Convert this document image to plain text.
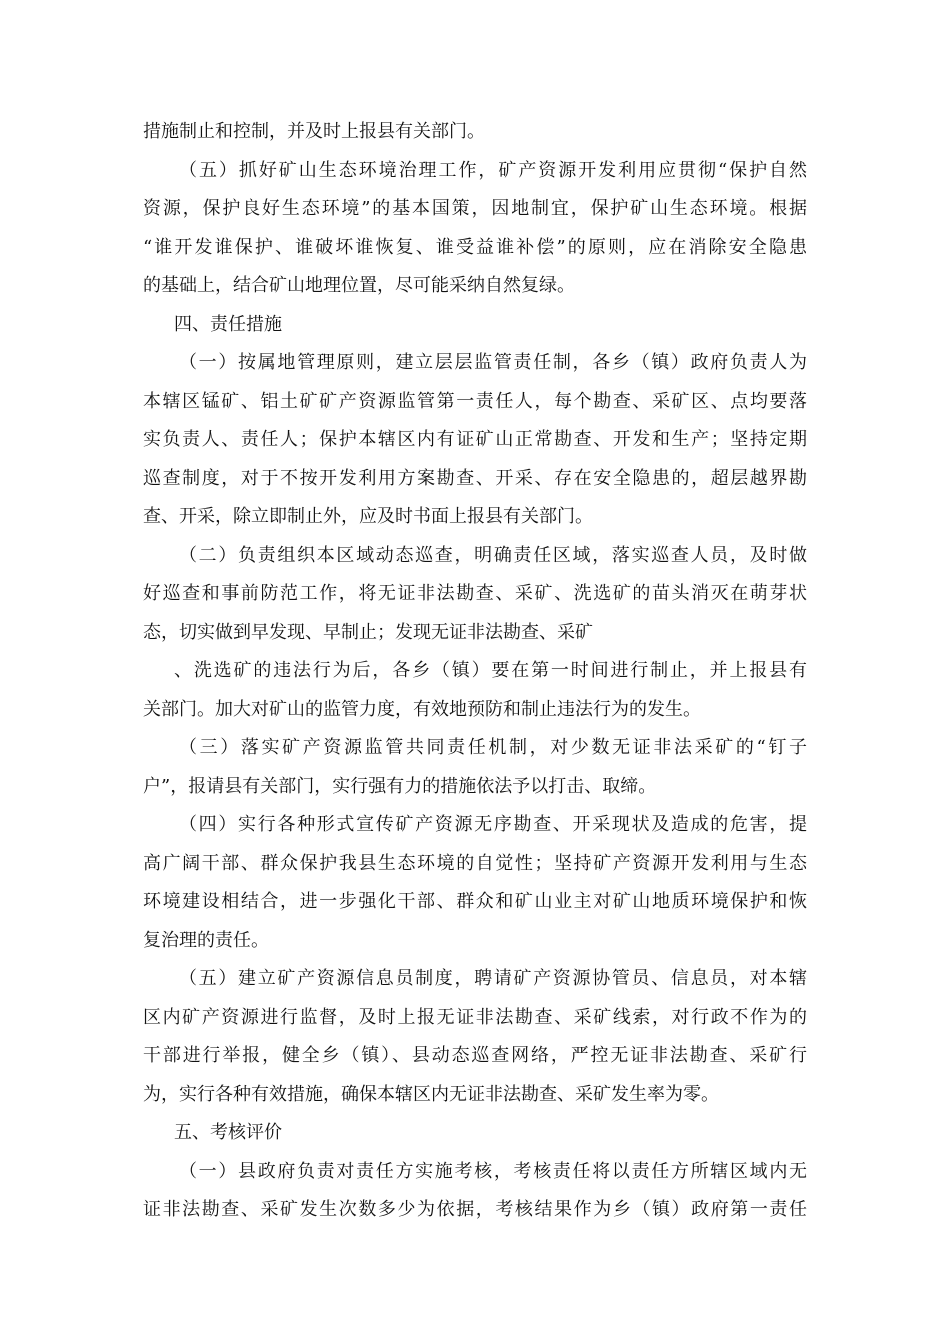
措施制止和控制，并及时上报县有关部门。
（五）抓好矿山生态环境治理工作，矿产资源开发利用应贯彻“保护自然
资源，保护良好生态环境”的基本国策，因地制宜，保护矿山生态环境。根据
“谁开发谁保护、谁破坏谁恢复、谁受益谁补偿”的原则，应在消除安全隐患
的基础上，结合矿山地理位置，尽可能采纳自然复绿。
四、责任措施
（一）按属地管理原则，建立层层监管责任制，各乡（镇）政府负责人为
本辖区锰矿、铝土矿矿产资源监管第一责任人，每个勘查、采矿区、点均要落
实负责人、责任人；保护本辖区内有证矿山正常勘查、开发和生产；坚持定期
巡查制度，对于不按开发利用方案勘查、开采、存在安全隐患的，超层越界勘
查、开采，除立即制止外，应及时书面上报县有关部门。
（二）负责组织本区域动态巡查，明确责任区域，落实巡查人员，及时做
好巡查和事前防范工作，将无证非法勘查、采矿、洗选矿的苗头消灭在萌芽状
态，切实做到早发现、早制止；发现无证非法勘查、采矿
、洗选矿的违法行为后，各乡（镇）要在第一时间进行制止，并上报县有
关部门。加大对矿山的监管力度，有效地预防和制止违法行为的发生。
（三）落实矿产资源监管共同责任机制，对少数无证非法采矿的“钉子
户”，报请县有关部门，实行强有力的措施依法予以打击、取缔。
（四）实行各种形式宣传矿产资源无序勘查、开采现状及造成的危害，提
高广阔干部、群众保护我县生态环境的自觉性；坚持矿产资源开发利用与生态
环境建设相结合，进一步强化干部、群众和矿山业主对矿山地质环境保护和恢
复治理的责任。
（五）建立矿产资源信息员制度，聘请矿产资源协管员、信息员，对本辖
区内矿产资源进行监督，及时上报无证非法勘查、采矿线索，对行政不作为的
干部进行举报，健全乡（镇）、县动态巡查网络，严控无证非法勘查、采矿行
为，实行各种有效措施，确保本辖区内无证非法勘查、采矿发生率为零。
五、考核评价
（一）县政府负责对责任方实施考核，考核责任将以责任方所辖区域内无
证非法勘查、采矿发生次数多少为依据，考核结果作为乡（镇）政府第一责任
